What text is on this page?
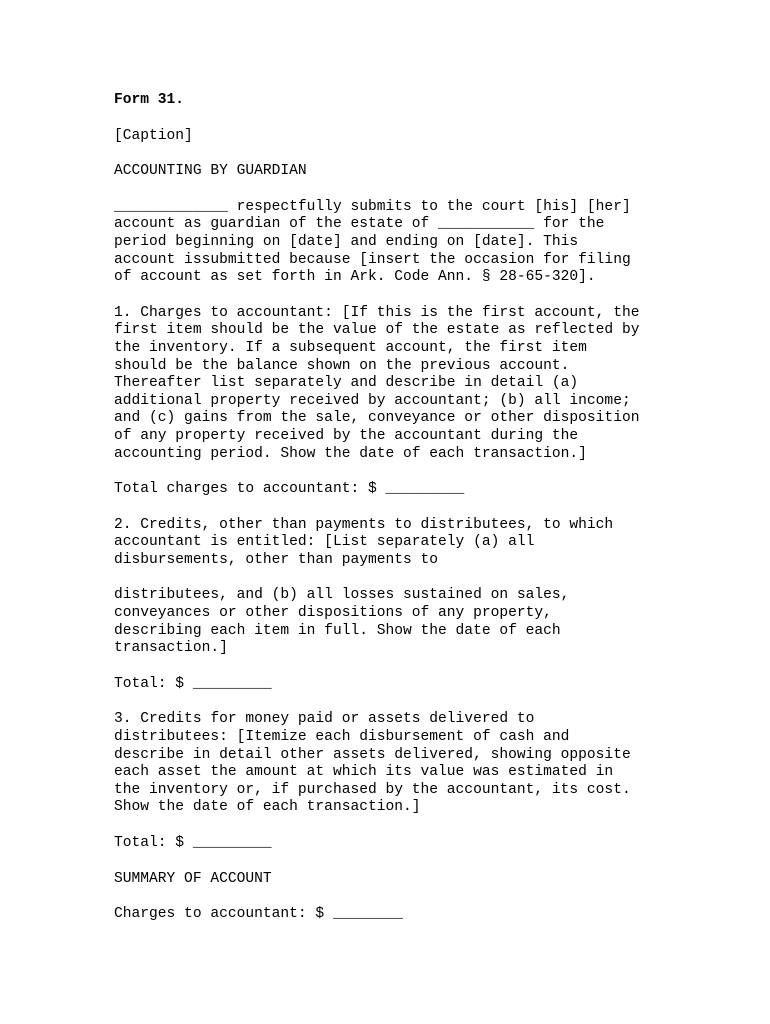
Form 31.
[Caption]
ACCOUNTING BY GUARDIAN
_____________ respectfully submits to the court [his] [her]
account as guardian of the estate of ___________ for the
period beginning on [date] and ending on [date]. This
account issubmitted because [insert the occasion for filing
of account as set forth in Ark. Code Ann. § 28-65-320].
1. Charges to accountant: [If this is the first account, the
first item should be the value of the estate as reflected by
the inventory. If a subsequent account, the first item
should be the balance shown on the previous account.
Thereafter list separately and describe in detail (a)
additional property received by accountant; (b) all income;
and (c) gains from the sale, conveyance or other disposition
of any property received by the accountant during the
accounting period. Show the date of each transaction.]
Total charges to accountant: $ _________
2. Credits, other than payments to distributees, to which
accountant is entitled: [List separately (a) all
disbursements, other than payments to
distributees, and (b) all losses sustained on sales,
conveyances or other dispositions of any property,
describing each item in full. Show the date of each
transaction.]
Total: $ _________
3. Credits for money paid or assets delivered to
distributees: [Itemize each disbursement of cash and
describe in detail other assets delivered, showing opposite
each asset the amount at which its value was estimated in
the inventory or, if purchased by the accountant, its cost.
Show the date of each transaction.]
Total: $ _________
SUMMARY OF ACCOUNT
Charges to accountant: $ ________
